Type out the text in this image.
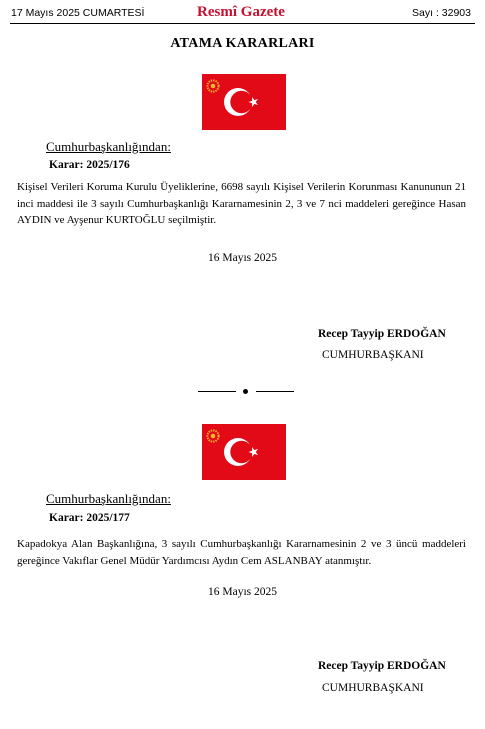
17 Mayıs 2025 CUMARTESİ	Resmî Gazete	Sayı : 32903
ATAMA KARARLARI
Cumhurbaşkanlığından:
Karar: 2025/176
Kişisel Verileri Koruma Kurulu Üyeliklerine, 6698 sayılı Kişisel Verilerin Korunması Kanununun 21 inci maddesi ile 3 sayılı Cumhurbaşkanlığı Kararnamesinin 2, 3 ve 7 nci maddeleri gereğince Hasan AYDIN ve Ayşenur KURTOĞLU seçilmiştir.
16 Mayıs 2025
Recep Tayyip ERDOĞAN
CUMHURBAŞKANI
Cumhurbaşkanlığından:
Karar: 2025/177
Kapadokya Alan Başkanlığına, 3 sayılı Cumhurbaşkanlığı Kararnamesinin 2 ve 3 üncü maddeleri gereğince Vakıflar Genel Müdür Yardımcısı Aydın Cem ASLANBAY atanmıştır.
16 Mayıs 2025
Recep Tayyip ERDOĞAN
CUMHURBAŞKANI
